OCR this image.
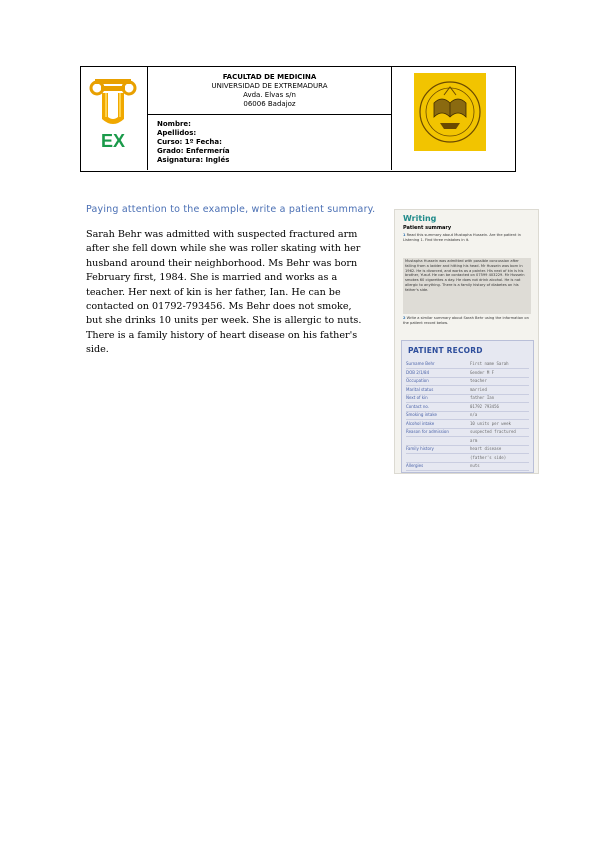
EX
FACULTAD DE MEDICINA
UNIVERSIDAD DE EXTREMADURA
Avda. Elvas s/n
06006 Badajoz
Nombre:
Apellidos:
Curso: 1º Fecha:
Grado: Enfermería
Asignatura: Inglés
Paying attention to the example, write a patient summary.
Sarah Behr was admitted with suspected fractured arm
after she fell down while she was roller skating with her
husband around their neighborhood. Ms Behr was born
February first, 1984. She is married and works as a
teacher. Her next of kin is her father, Ian. He can be
contacted on 01792-793456. Ms Behr does not smoke,
but she drinks 10 units per week. She is allergic to nuts.
There is a family history of heart disease on his father's
side.
Writing
Patient summary
1 Read this summary about Mustapha Hussein. Are the patient in Listening 1. Find three mistakes in it.
Mustapha Hussein was admitted with possible concussion after falling from a ladder and hitting his head. Mr Hussein was born in 1962. He is divorced, and works as a painter. His next of kin is his brother, Yusuf. He can be contacted on 07599 403229. Mr Hussein smokes 60 cigarettes a day. He does not drink alcohol. He is not allergic to anything. There is a family history of diabetes on his father's side.
2 Write a similar summary about Sarah Behr using the information on the patient record below.
PATIENT RECORD
Surname Behr	First name Sarah
DOB 2/1/84	Gender M F
Occupation	teacher
Marital status	married
Next of kin	father Ian
Contact no.	01792 793456
Smoking intake	n/a
Alcohol intake	10 units per week
Reason for admission	suspected fractured
arm
Family history	heart disease
(father's side)
Allergies	nuts
